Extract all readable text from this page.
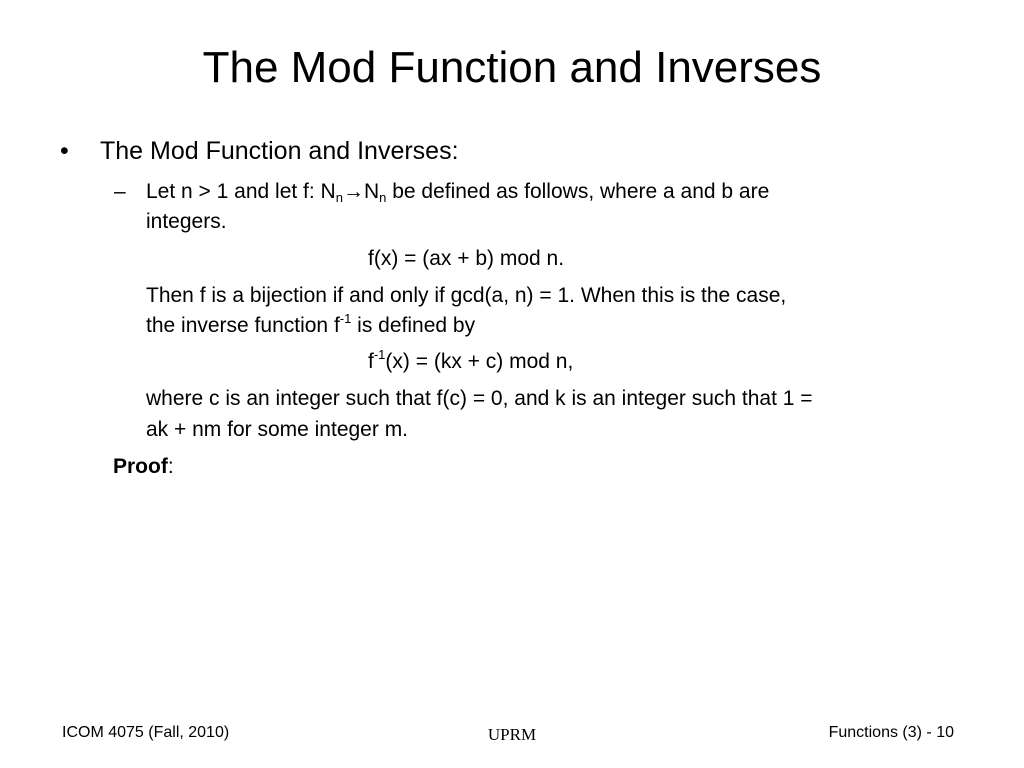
The Mod Function and Inverses
• The Mod Function and Inverses:
– Let n > 1 and let f: $N_n\to N_n$ be defined as follows, where a and b are
integers.
f(x) = (ax + b) mod n.
Then f is a bijection if and only if gcd(a, n) = 1. When this is the case,
the inverse function $f^{-1}$ is defined by
$f^{-1}(x) = (kx + c)$ mod n,
where c is an integer such that f(c) = 0, and k is an integer such that 1 =
ak + nm for some integer m.
Proof:
ICOM 4075 (Fall, 2010)	UPRM	Functions (3) - 10
